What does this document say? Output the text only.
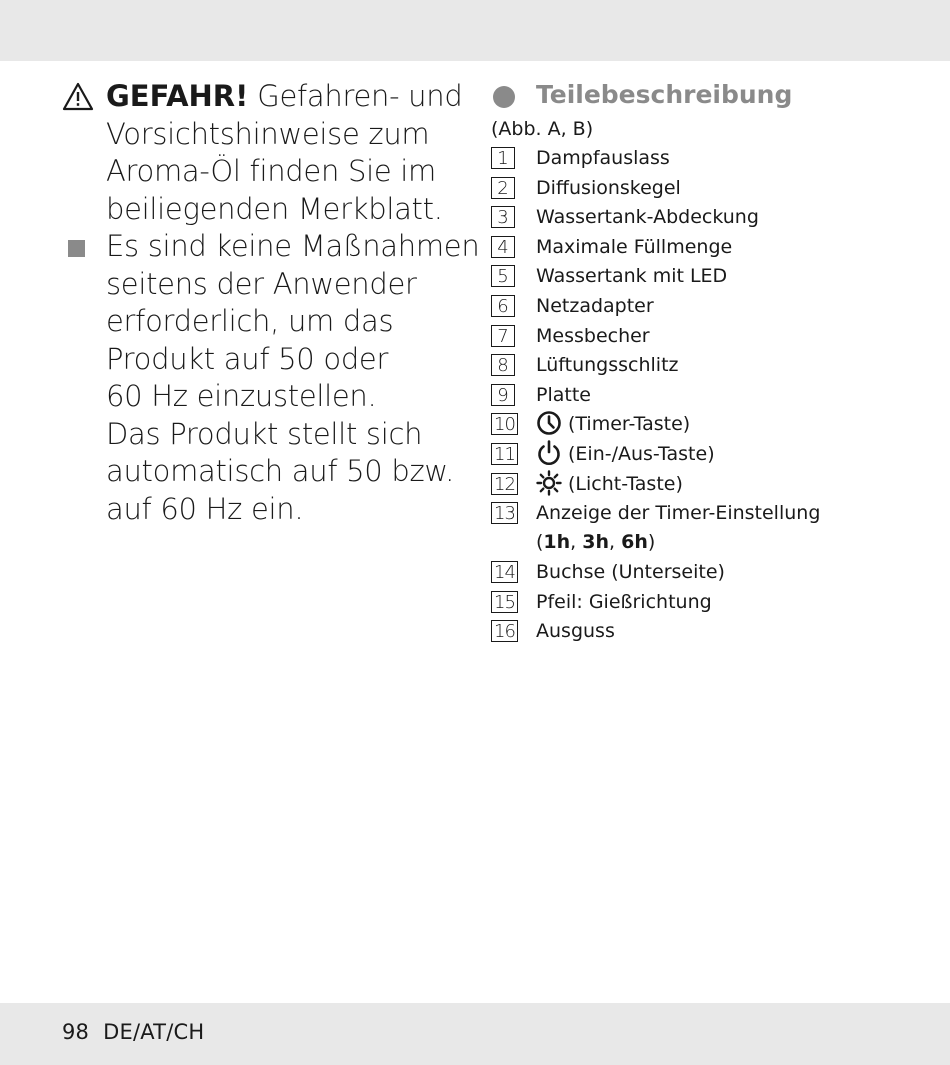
GEFAHR! Gefahren- und
Vorsichtshinweise zum
Aroma-Öl finden Sie im
beiliegenden Merkblatt.
Es sind keine Maßnahmen
seitens der Anwender
erforderlich, um das
Produkt auf 50 oder
60 Hz einzustellen.
Das Produkt stellt sich
automatisch auf 50 bzw.
auf 60 Hz ein.
Teilebeschreibung
(Abb. A, B)
1	Dampfauslass
2	Diffusionskegel
3	Wassertank-Abdeckung
4	Maximale Füllmenge
5	Wassertank mit LED
6	Netzadapter
7	Messbecher
8	Lüftungsschlitz
9	Platte
10	(Timer-Taste)
11	(Ein-/Aus-Taste)
12	(Licht-Taste)
13 Anzeige der Timer-Einstellung
(1h, 3h, 6h)
14 Buchse (Unterseite)
15 Pfeil: Gießrichtung
16 Ausguss
98 DE/AT/CH
